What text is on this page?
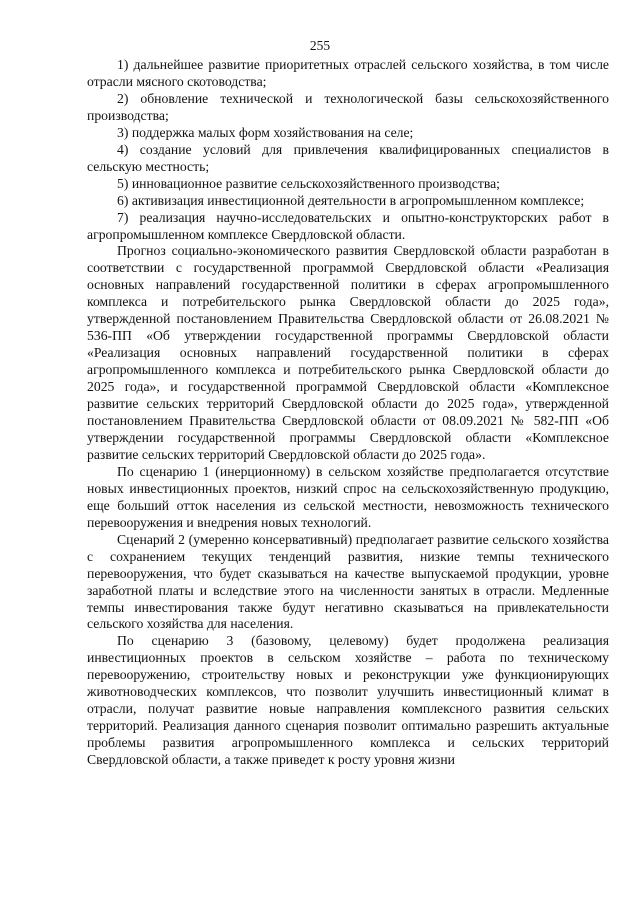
255

1) дальнейшее развитие приоритетных отраслей сельского хозяйства, в том числе отрасли мясного скотоводства;

2) обновление технической и технологической базы сельскохозяйственного производства;

3) поддержка малых форм хозяйствования на селе;

4) создание условий для привлечения квалифицированных специалистов в сельскую местность;

5) инновационное развитие сельскохозяйственного производства;

6) активизация инвестиционной деятельности в агропромышленном комплексе;

7) реализация научно-исследовательских и опытно-конструкторских работ в агропромышленном комплексе Свердловской области.

Прогноз социально-экономического развития Свердловской области разработан в соответствии с государственной программой Свердловской области «Реализация основных направлений государственной политики в сферах агропромышленного комплекса и потребительского рынка Свердловской области до 2025 года», утвержденной постановлением Правительства Свердловской области от 26.08.2021 № 536-ПП «Об утверждении государственной программы Свердловской области «Реализация основных направлений государственной политики в сферах агропромышленного комплекса и потребительского рынка Свердловской области до 2025 года», и государственной программой Свердловской области «Комплексное развитие сельских территорий Свердловской области до 2025 года», утвержденной постановлением Правительства Свердловской области от 08.09.2021 № 582-ПП «Об утверждении государственной программы Свердловской области «Комплексное развитие сельских территорий Свердловской области до 2025 года».

По сценарию 1 (инерционному) в сельском хозяйстве предполагается отсутствие новых инвестиционных проектов, низкий спрос на сельскохозяйственную продукцию, еще больший отток населения из сельской местности, невозможность технического перевооружения и внедрения новых технологий.

Сценарий 2 (умеренно консервативный) предполагает развитие сельского хозяйства с сохранением текущих тенденций развития, низкие темпы технического перевооружения, что будет сказываться на качестве выпускаемой продукции, уровне заработной платы и вследствие этого на численности занятых в отрасли. Медленные темпы инвестирования также будут негативно сказываться на привлекательности сельского хозяйства для населения.

По сценарию 3 (базовому, целевому) будет продолжена реализация инвестиционных проектов в сельском хозяйстве – работа по техническому перевооружению, строительству новых и реконструкции уже функционирующих животноводческих комплексов, что позволит улучшить инвестиционный климат в отрасли, получат развитие новые направления комплексного развития сельских территорий. Реализация данного сценария позволит оптимально разрешить актуальные проблемы развития агропромышленного комплекса и сельских территорий Свердловской области, а также приведет к росту уровня жизни
